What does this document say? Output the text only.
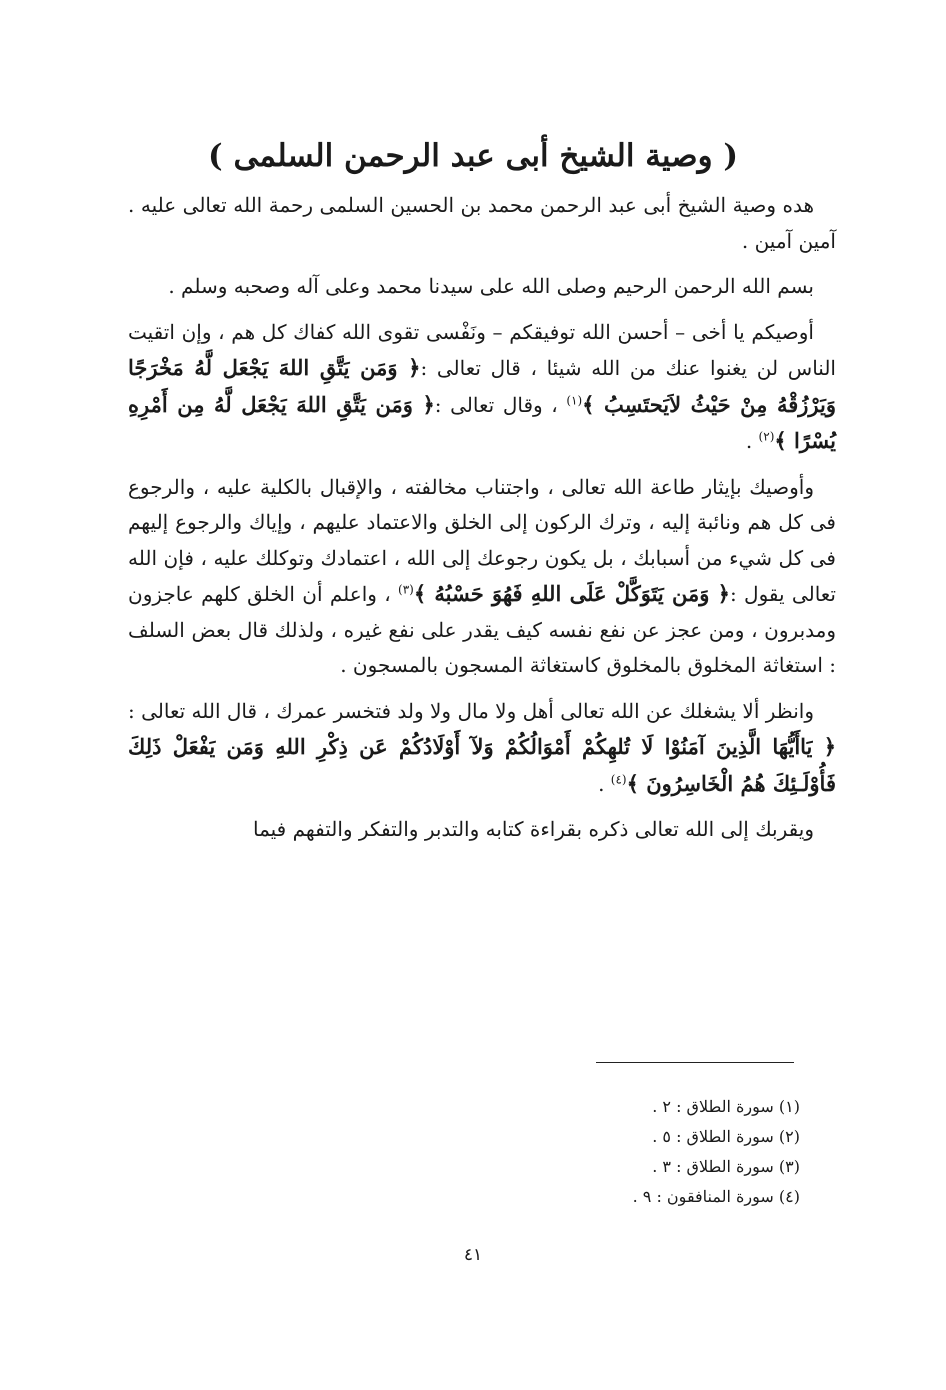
( وصية الشيخ أبى عبد الرحمن السلمى )

هده وصية الشيخ أبى عبد الرحمن محمد بن الحسين السلمى رحمة الله تعالى عليه . آمين آمين .

بسم الله الرحمن الرحيم وصلى الله على سيدنا محمد وعلى آله وصحبه وسلم .

أوصيكم يا أخى – أحسن الله توفيقكم – ونَفْسى تقوى الله كفاك كل هم ، وإن اتقيت الناس لن يغنوا عنك من الله شيئا ، قال تعالى :﴿ وَمَن يَتَّقِ اللهَ يَجْعَل لَّهُ مَخْرَجًا وَيَرْزُقْهُ مِنْ حَيْثُ لاَيَحتَسِبُ ﴾$^{(١)}$ ، وقال تعالى :﴿ وَمَن يَتَّقِ اللهَ يَجْعَل لَّهُ مِن أَمْرِهِ يُسْرًا ﴾$^{(٢)}$ .

وأوصيك بإيثار طاعة الله تعالى ، واجتناب مخالفته ، والإقبال بالكلية عليه ، والرجوع فى كل هم ونائبة إليه ، وترك الركون إلى الخلق والاعتماد عليهم ، وإياك والرجوع إليهم فى كل شيء من أسبابك ، بل يكون رجوعك إلى الله ، اعتمادك وتوكلك عليه ، فإن الله تعالى يقول :﴿ وَمَن يَتَوَكَّلْ عَلَى اللهِ فَهُوَ حَسْبُهُ ﴾$^{(٣)}$ ، واعلم أن الخلق كلهم عاجزون ومدبرون ، ومن عجز عن نفع نفسه كيف يقدر على نفع غيره ، ولذلك قال بعض السلف : استغاثة المخلوق بالمخلوق كاستغاثة المسجون بالمسجون .

وانظر ألا يشغلك عن الله تعالى أهل ولا مال ولا ولد فتخسر عمرك ، قال الله تعالى : ﴿ يَاأَيُّهَا الَّذِينَ آمَنُوْا لَا تُلهِكُمْ أَمْوَالُكُمْ وَلآ أَوْلَادُكُمْ عَن ذِكْرِ اللهِ وَمَن يَفْعَلْ ذَلِكَ فَأُوْلَـئِكَ هُمُ الْخَاسِرُونَ ﴾$^{(٤)}$ .

ويقربك إلى الله تعالى ذكره بقراءة كتابه والتدبر والتفكر والتفهم فيما

(١) سورة الطلاق : ٢ .
(٢) سورة الطلاق : ٥ .
(٣) سورة الطلاق : ٣ .
(٤) سورة المنافقون : ٩ .
٤١
